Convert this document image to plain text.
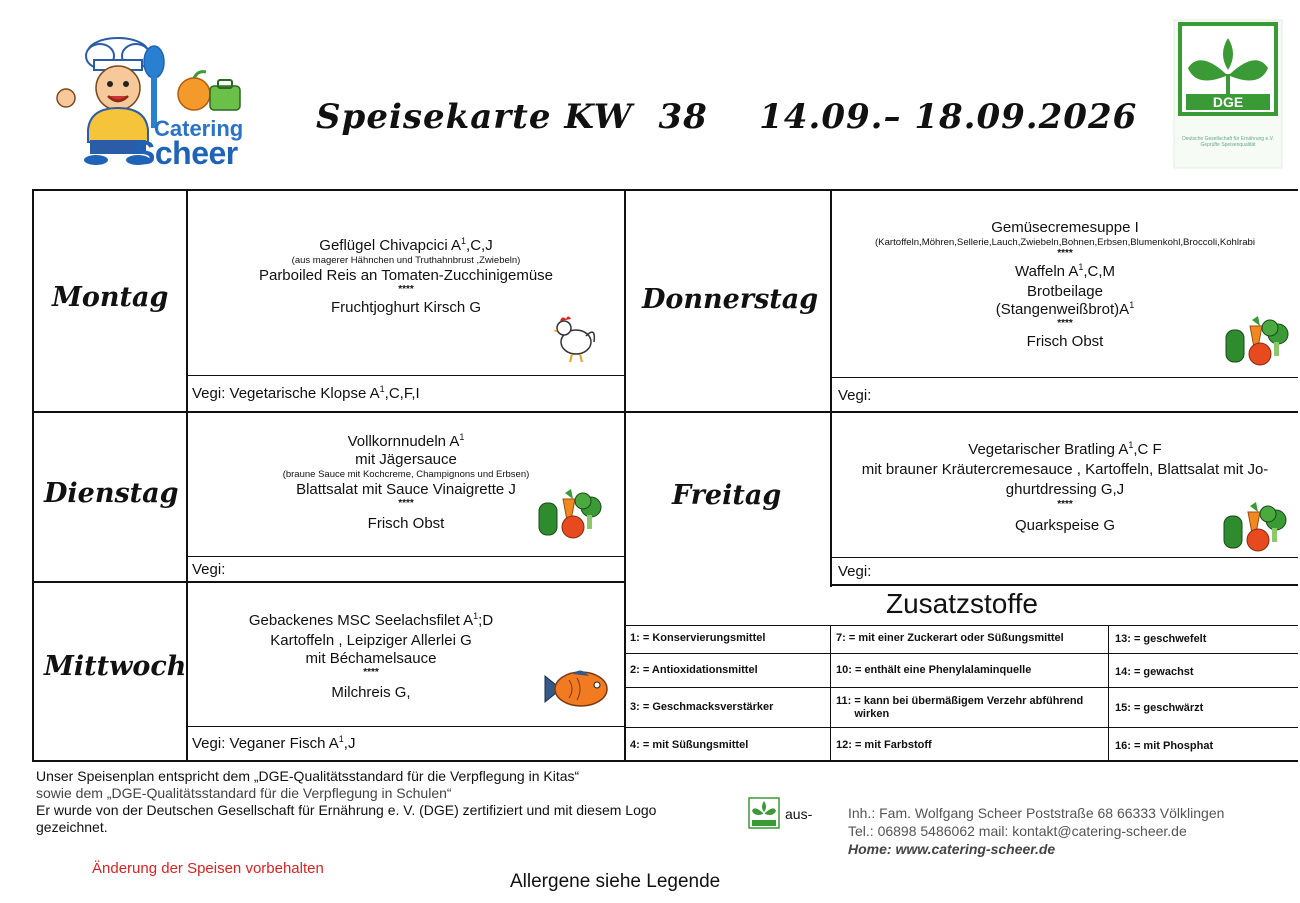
Catering
Scheer
Speisekarte KW  38    14.09.– 18.09.2026	DGE
Deutsche Gesellschaft für Ernährung e.V. Geprüfte Speisenqualität
Montag
Geflügel Chivapcici $A^1,C,J$
(aus magerer Hähnchen und Truthahnbrust ,Zwiebeln)
Parboiled Reis an Tomaten-Zucchinigemüse
****
Fruchtjoghurt Kirsch G
Vegi: Vegetarische Klopse $A^1,C,F,I$
Dienstag
Vollkornnudeln $A^1$
mit Jägersauce
(braune Sauce mit Kochcreme, Champignons und Erbsen)
Blattsalat mit Sauce Vinaigrette J
****
Frisch Obst
Vegi:
Mittwoch
Gebackenes MSC Seelachsfilet $A^1;D$
Kartoffeln , Leipziger Allerlei G
mit Béchamelsauce
****
Milchreis G,
Vegi: Veganer Fisch $A^1,J$
Donnerstag
Gemüsecremesuppe I
(Kartoffeln,Möhren,Sellerie,Lauch,Zwiebeln,Bohnen,Erbsen,Blumenkohl,Broccoli,Kohlrabi
****
Waffeln $A^1,C,M$
Brotbeilage
$(Stangenweißbrot)A^1$
****
Frisch Obst
Vegi:
Freitag
Vegetarischer Bratling $A^1,C$ F
mit brauner Kräutercremesauce , Kartoffeln, Blattsalat mit Jo-
ghurtdressing G,J
****
Quarkspeise G
Vegi:
Zusatzstoffe
1: = Konservierungsmittel
2: = Antioxidationsmittel
3: = Geschmacksverstärker
4: = mit Süßungsmittel
7: = mit einer Zuckerart oder Süßungsmittel
10: = enthält eine Phenylalaminquelle
11: = kann bei übermäßigem Verzehr abführend
wirken
12: = mit Farbstoff
13: = geschwefelt
14: = gewachst
15: = geschwärzt
16: = mit Phosphat
Unser Speisenplan entspricht dem „DGE-Qualitätsstandard für die Verpflegung in Kitas“
sowie dem „DGE-Qualitätsstandard für die Verpflegung in Schulen“
Er wurde von der Deutschen Gesellschaft für Ernährung e. V. (DGE) zertifiziert und mit diesem Logo
gezeichnet.
aus-	Inh.: Fam. Wolfgang Scheer Poststraße 68 66333 Völklingen
Tel.: 06898 5486062 mail: kontakt@catering-scheer.de
Home: www.catering-scheer.de
Änderung der Speisen vorbehalten
Allergene siehe Legende
